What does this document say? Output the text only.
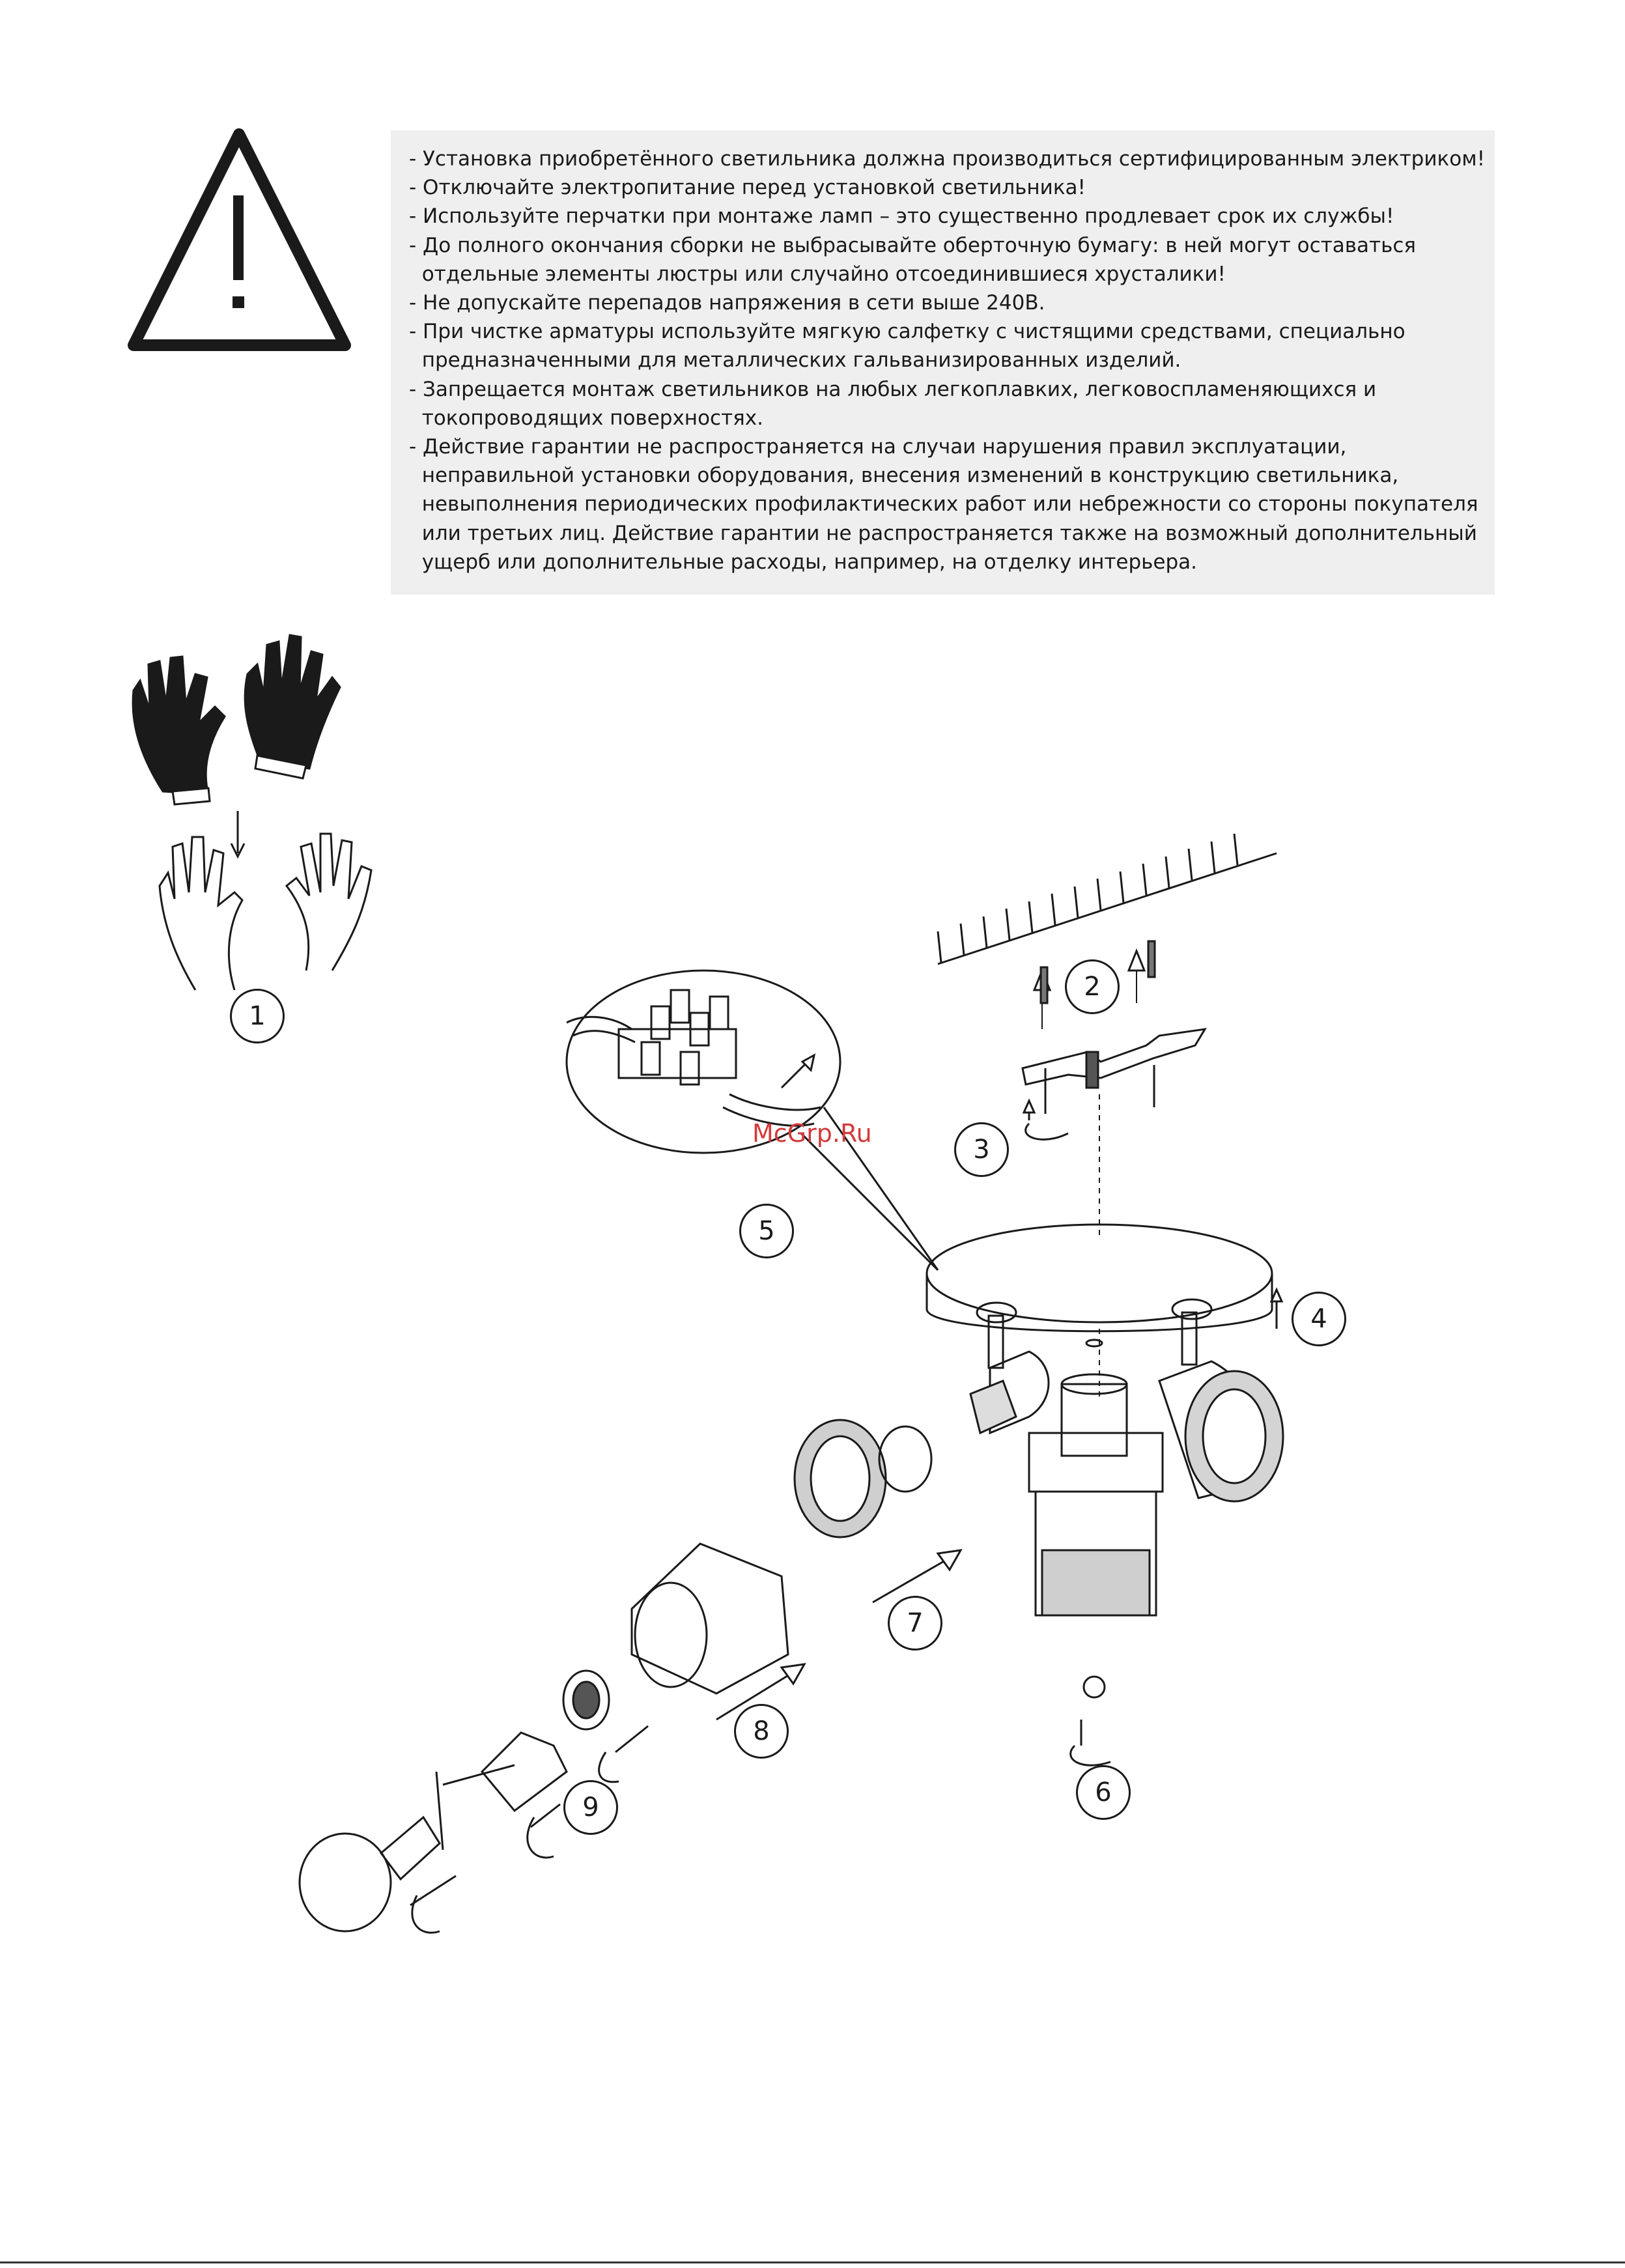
- Установка приобретённого светильника должна производиться сертифицированным электриком!

- Отключайте электропитание перед установкой светильника!

- Используйте перчатки при монтаже ламп – это существенно продлевает срок их службы!

- До полного окончания сборки не выбрасывайте оберточную бумагу: в ней могут оставаться

отдельные элементы люстры или случайно отсоединившиеся хрусталики!

- Не допускайте перепадов напряжения в сети выше 240В.

- При чистке арматуры используйте мягкую салфетку с чистящими средствами, специально

предназначенными для металлических гальванизированных изделий.

- Запрещается монтаж светильников на любых легкоплавких, легковоспламеняющихся и

токопроводящих поверхностях.

- Действие гарантии не распространяется на случаи нарушения правил эксплуатации,

неправильной установки оборудования, внесения изменений в конструкцию светильника,

невыполнения периодических профилактических работ или небрежности со стороны покупателя

или третьих лиц. Действие гарантии не распространяется также на возможный дополнительный

ущерб или дополнительные расходы, например, на отделку интерьера.

McGrp.Ru
1
2
3
4
5
6
7
8
9
